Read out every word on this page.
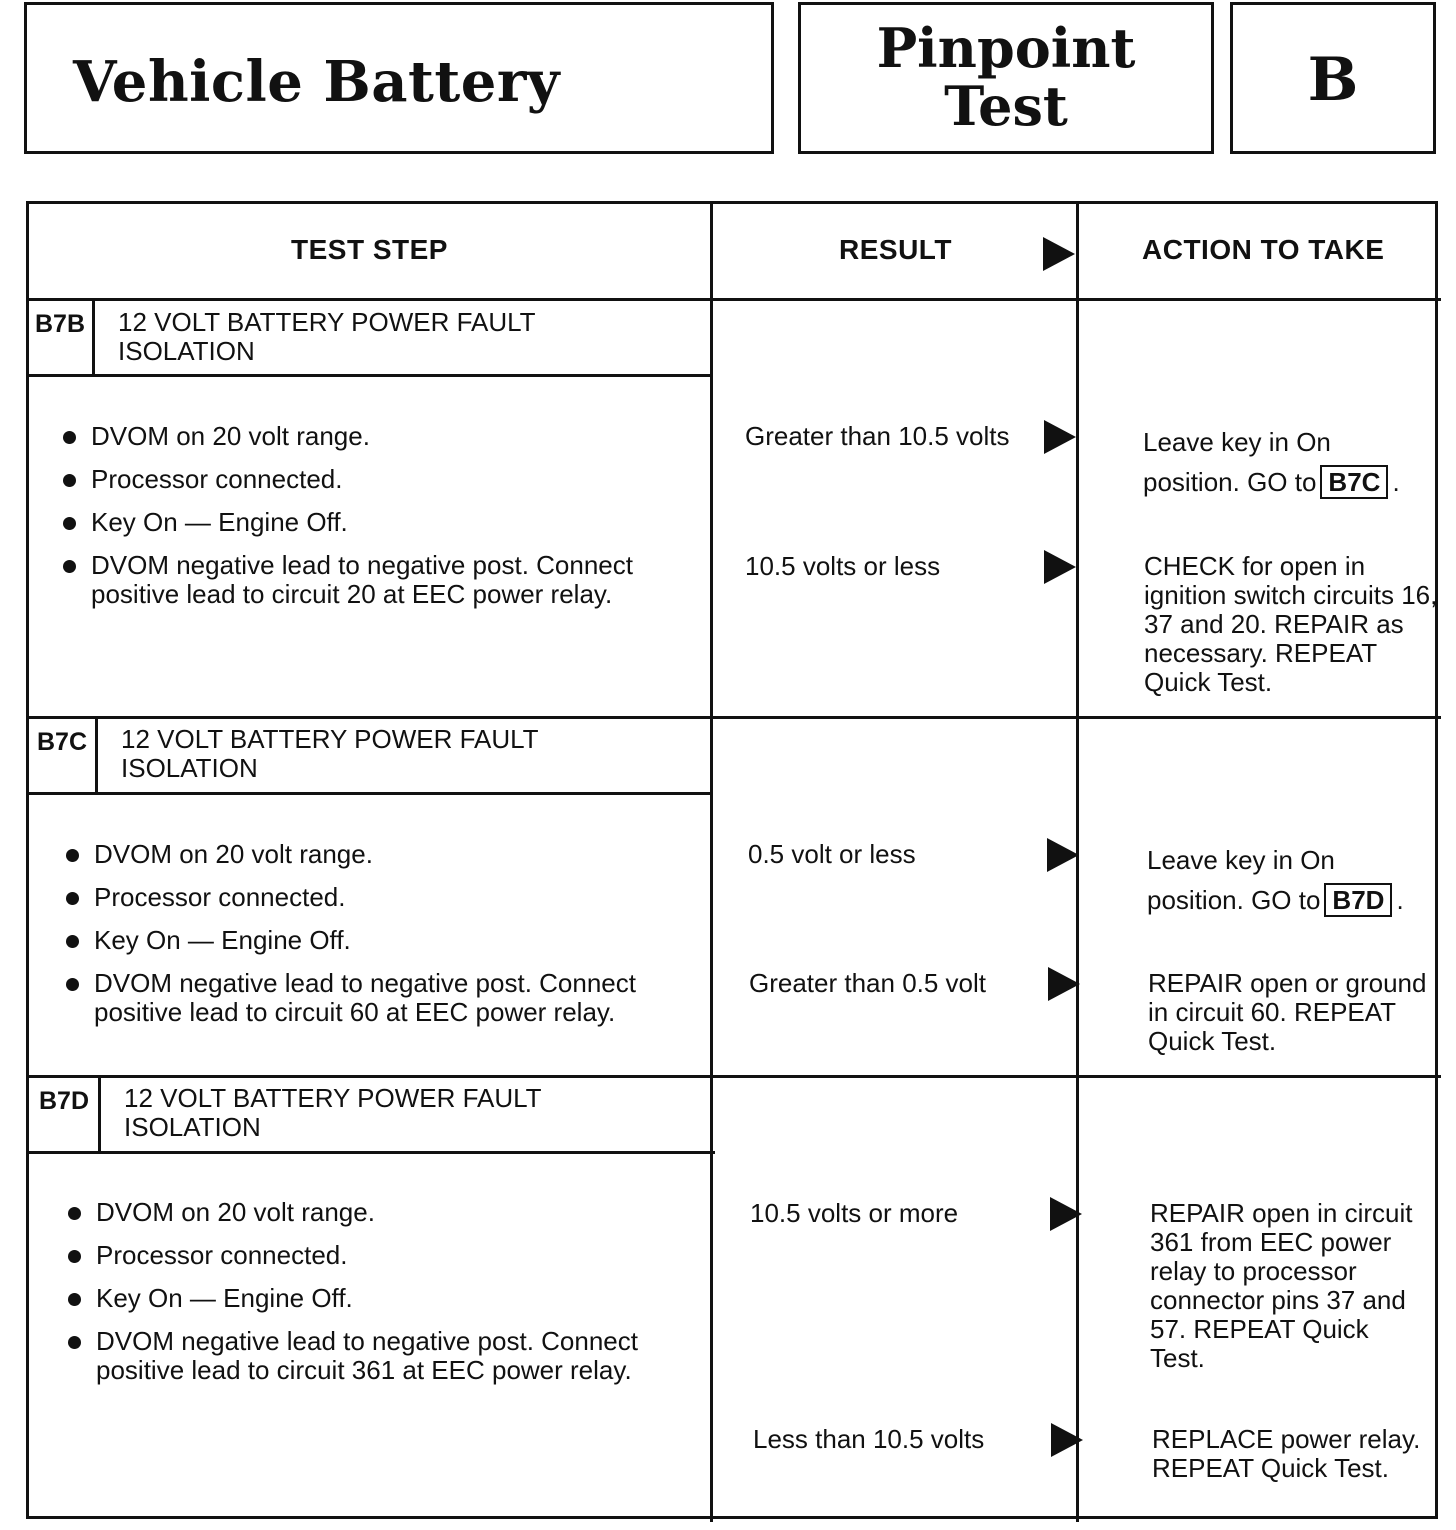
Vehicle Battery
Pinpoint
Test	B
TEST STEP	RESULT	ACTION TO TAKE
B7B 12 VOLT BATTERY POWER FAULT
ISOLATION
DVOM on 20 volt range.
Processor connected.
Key On — Engine Off.
DVOM negative lead to negative post. Connect positive lead to circuit 20 at EEC power relay.
Greater than 10.5 volts	Leave key in On
position. GO to B7C .
10.5 volts or less	CHECK for open in ignition switch circuits 16, 37 and 20. REPAIR as necessary. REPEAT Quick Test.
B7C 12 VOLT BATTERY POWER FAULT
ISOLATION
DVOM on 20 volt range.
Processor connected.
Key On — Engine Off.
DVOM negative lead to negative post. Connect positive lead to circuit 60 at EEC power relay.
0.5 volt or less	Leave key in On
position. GO to B7D .
Greater than 0.5 volt	REPAIR open or ground in circuit 60. REPEAT Quick Test.
B7D 12 VOLT BATTERY POWER FAULT
ISOLATION
DVOM on 20 volt range.
Processor connected.
Key On — Engine Off.
DVOM negative lead to negative post. Connect positive lead to circuit 361 at EEC power relay.
10.5 volts or more	REPAIR open in circuit 361 from EEC power relay to processor connector pins 37 and 57. REPEAT Quick Test.
Less than 10.5 volts	REPLACE power relay. REPEAT Quick Test.
